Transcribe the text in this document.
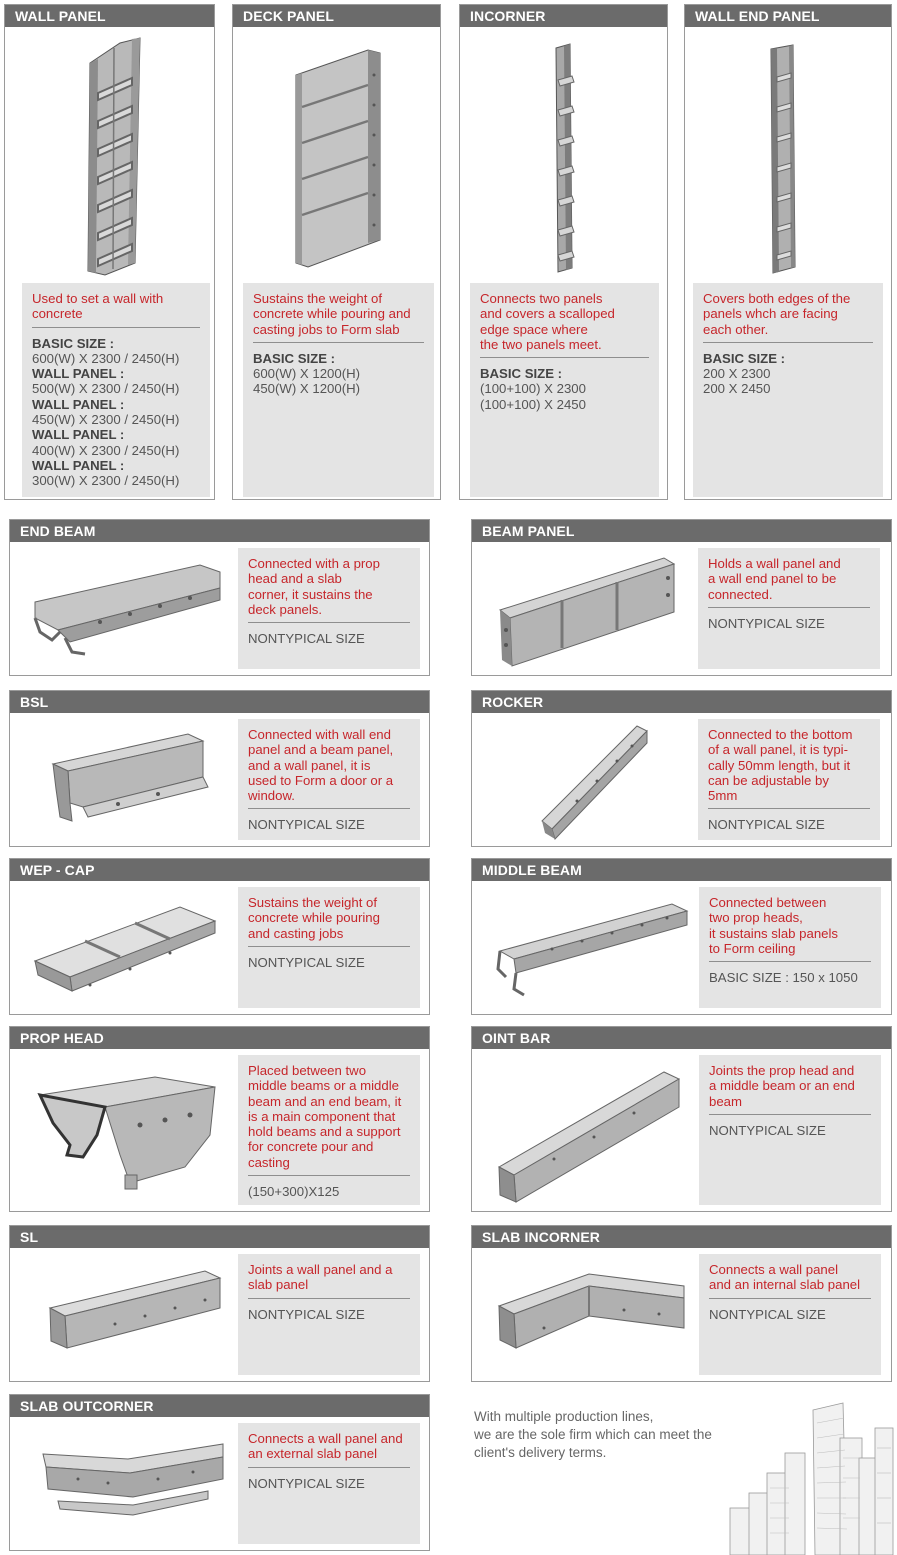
WALL PANEL
Used to set a wall with
concrete
BASIC SIZE :
600(W) X 2300 / 2450(H)
WALL PANEL :
500(W) X 2300 / 2450(H)
WALL PANEL :
450(W) X 2300 / 2450(H)
WALL PANEL :
400(W) X 2300 / 2450(H)
WALL PANEL :
300(W) X 2300 / 2450(H)
DECK PANEL
Sustains the weight of
concrete while pouring and
casting jobs to Form slab
BASIC SIZE :
600(W) X 1200(H)
450(W) X 1200(H)
INCORNER
Connects two panels
and covers a scalloped
edge space where
the two panels meet.
BASIC SIZE :
(100+100) X 2300
(100+100) X 2450
WALL END PANEL
Covers both edges of the
panels whch are facing
each other.
BASIC SIZE :
200 X 2300
200 X 2450
END BEAM
Connected with a prop
head and a slab
corner, it sustains the
deck panels.
NONTYPICAL SIZE
BEAM PANEL
Holds a wall panel and
a wall end panel to be
connected.
NONTYPICAL SIZE
BSL
Connected with wall end
panel and a beam panel,
and a wall panel, it is
used to Form a door or a
window.
NONTYPICAL SIZE
ROCKER
Connected to the bottom
of a wall panel, it is typi-
cally 50mm length, but it
can be adjustable by
5mm
NONTYPICAL SIZE
WEP - CAP
Sustains the weight of
concrete while pouring
and casting jobs
NONTYPICAL SIZE
MIDDLE BEAM
Connected between
two prop heads,
it sustains slab panels
to Form ceiling
BASIC SIZE : 150 x 1050
PROP HEAD
Placed between two
middle beams or a middle
beam and an end beam, it
is a main component that
hold beams and a support
for concrete pour and
casting
(150+300)X125
OINT BAR
Joints the prop head and
a middle beam or an end
beam
NONTYPICAL SIZE
SL
Joints a wall panel and a
slab panel
NONTYPICAL SIZE
SLAB INCORNER
Connects a wall panel
and an internal slab panel
NONTYPICAL SIZE
SLAB OUTCORNER
Connects a wall panel and
an external slab panel
NONTYPICAL SIZE
With multiple production lines,
we are the sole firm which can meet the
client's delivery terms.
